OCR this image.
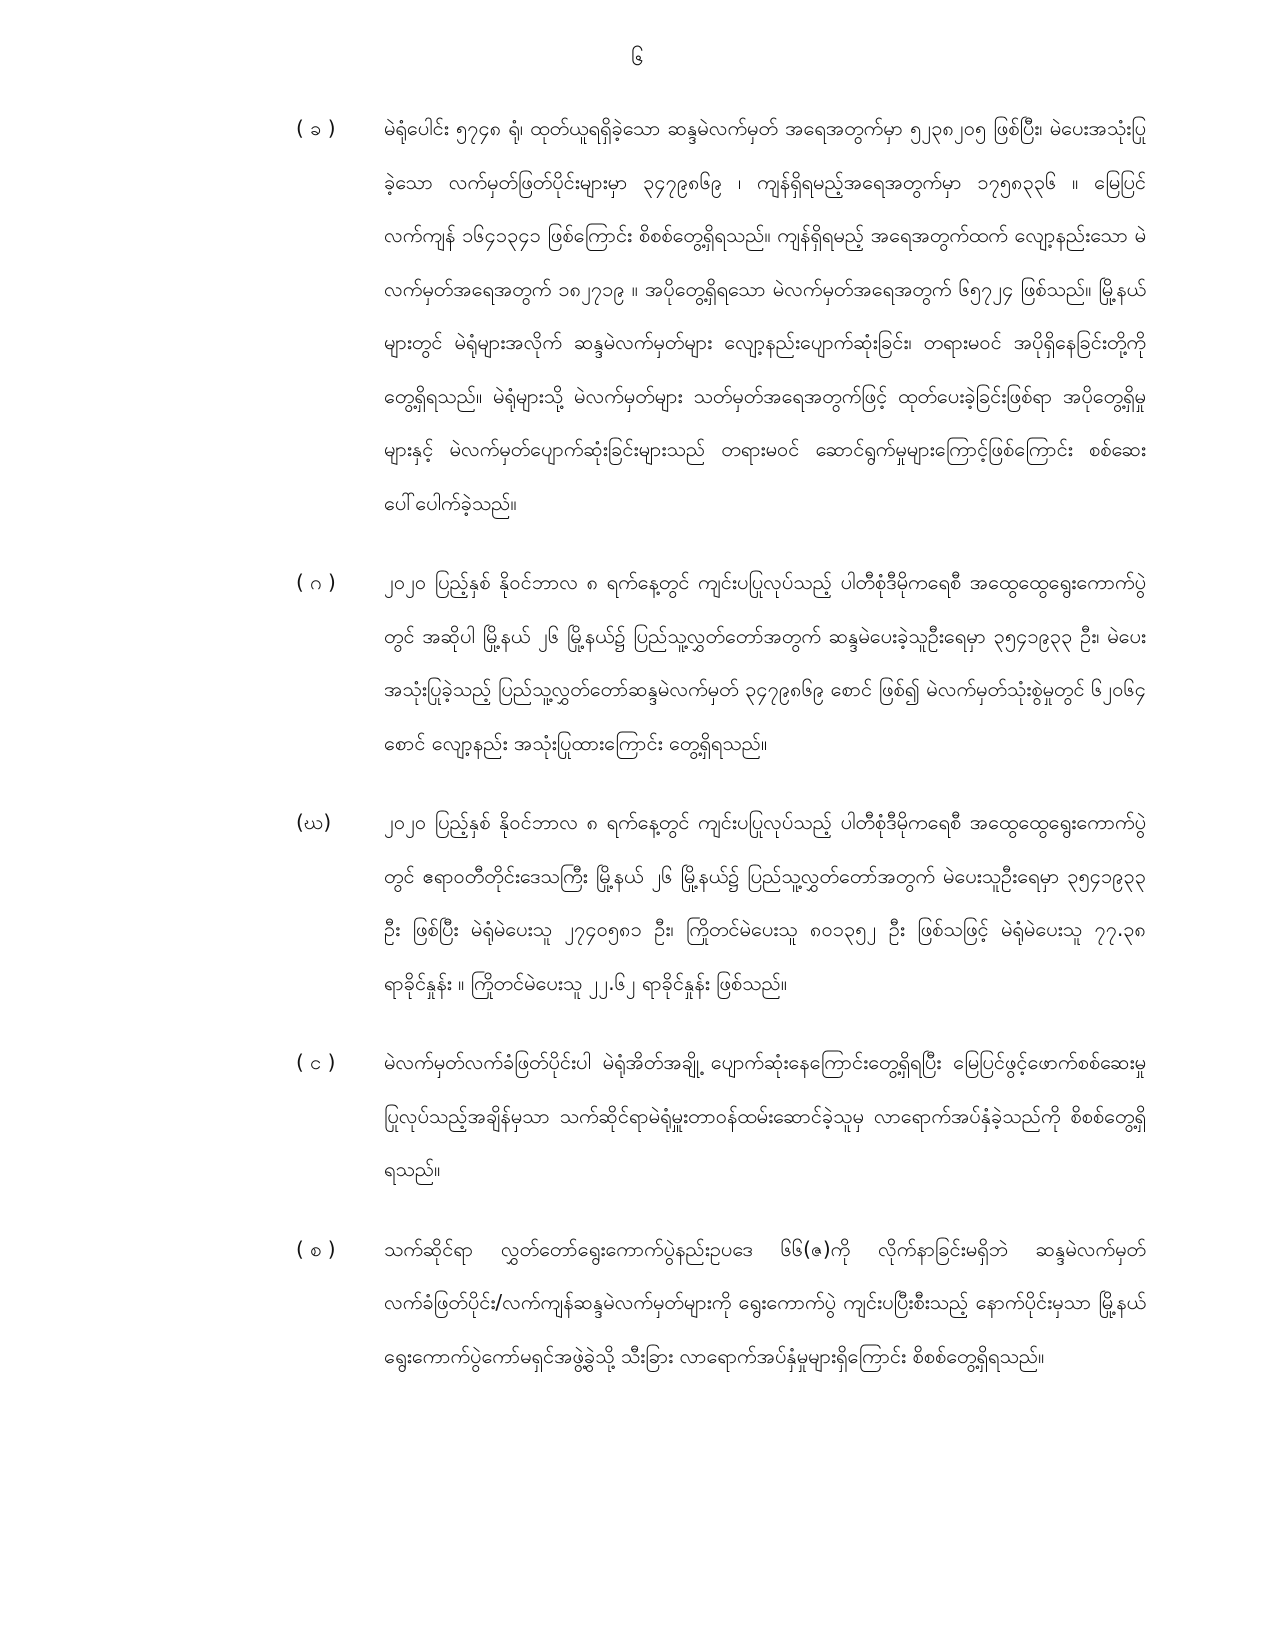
၆
( ခ )	မဲရုံပေါင်း ၅၇၄၈ ရုံ၊ ထုတ်ယူရရှိခဲ့သော ဆန္ဒမဲလက်မှတ် အရေအတွက်မှာ ၅၂၃၈၂၀၅ ဖြစ်ပြီး၊ မဲပေးအသုံးပြုခဲ့သော လက်မှတ်ဖြတ်ပိုင်းများမှာ ၃၄၇၉၈၆၉ ၊ ကျန်ရှိရမည့်အရေအတွက်မှာ ၁၇၅၈၃၃၆ ။ မြေပြင်လက်ကျန် ၁၆၄၁၃၄၁ ဖြစ်ကြောင်း စိစစ်တွေ့ရှိရသည်။ ကျန်ရှိရမည့် အရေအတွက်ထက် လျော့နည်းသော မဲလက်မှတ်အရေအတွက် ၁၈၂၇၁၉ ။ အပိုတွေ့ရှိရသော မဲလက်မှတ်အရေအတွက် ၆၅၇၂၄ ဖြစ်သည်။ မြို့နယ်များတွင် မဲရုံများအလိုက် ဆန္ဒမဲလက်မှတ်များ လျော့နည်းပျောက်ဆုံးခြင်း၊ တရားမဝင် အပိုရှိနေခြင်းတို့ကို တွေ့ရှိရသည်။ မဲရုံများသို့ မဲလက်မှတ်များ သတ်မှတ်အရေအတွက်ဖြင့် ထုတ်ပေးခဲ့ခြင်းဖြစ်ရာ အပိုတွေ့ရှိမှုများနှင့် မဲလက်မှတ်ပျောက်ဆုံးခြင်းများသည် တရားမဝင် ဆောင်ရွက်မှုများကြောင့်ဖြစ်ကြောင်း စစ်ဆေးပေါ်ပေါက်ခဲ့သည်။
( ဂ )	၂၀၂၀ ပြည့်နှစ် နိုဝင်ဘာလ ၈ ရက်နေ့တွင် ကျင်းပပြုလုပ်သည့် ပါတီစုံဒီမိုကရေစီ အထွေထွေရွေးကောက်ပွဲတွင် အဆိုပါ မြို့နယ် ၂၆ မြို့နယ်၌ ပြည်သူ့လွှတ်တော်အတွက် ဆန္ဒမဲပေးခဲ့သူဦးရေမှာ ၃၅၄၁၉၃၃ ဦး၊ မဲပေးအသုံးပြုခဲ့သည့် ပြည်သူ့လွှတ်တော်ဆန္ဒမဲလက်မှတ် ၃၄၇၉၈၆၉ စောင် ဖြစ်၍ မဲလက်မှတ်သုံးစွဲမှုတွင် ၆၂၀၆၄ စောင် လျော့နည်း အသုံးပြုထားကြောင်း တွေ့ရှိရသည်။
(ဃ)	၂၀၂၀ ပြည့်နှစ် နိုဝင်ဘာလ ၈ ရက်နေ့တွင် ကျင်းပပြုလုပ်သည့် ပါတီစုံဒီမိုကရေစီ အထွေထွေရွေးကောက်ပွဲတွင် ဧရာဝတီတိုင်းဒေသကြီး မြို့နယ် ၂၆ မြို့နယ်၌ ပြည်သူ့လွှတ်တော်အတွက် မဲပေးသူဦးရေမှာ ၃၅၄၁၉၃၃ ဦး ဖြစ်ပြီး မဲရုံမဲပေးသူ ၂၇၄၀၅၈၁ ဦး၊ ကြိုတင်မဲပေးသူ ၈၀၁၃၅၂ ဦး ဖြစ်သဖြင့် မဲရုံမဲပေးသူ ၇၇.၃၈ ရာခိုင်နှုန်း ။ ကြိုတင်မဲပေးသူ ၂၂.၆၂ ရာခိုင်နှုန်း ဖြစ်သည်။
( င )	မဲလက်မှတ်လက်ခံဖြတ်ပိုင်းပါ မဲရုံအိတ်အချို့ ပျောက်ဆုံးနေကြောင်းတွေ့ရှိရပြီး မြေပြင်ဖွင့်ဖောက်စစ်ဆေးမှု ပြုလုပ်သည့်အချိန်မှသာ သက်ဆိုင်ရာမဲရုံမှူးတာဝန်ထမ်းဆောင်ခဲ့သူမှ လာရောက်အပ်နှံခဲ့သည်ကို စိစစ်တွေ့ရှိရသည်။
( စ )	သက်ဆိုင်ရာ လွှတ်တော်ရွေးကောက်ပွဲနည်းဥပဒေ ၆၆(ဇ)ကို လိုက်နာခြင်းမရှိဘဲ ဆန္ဒမဲလက်မှတ် လက်ခံဖြတ်ပိုင်း/လက်ကျန်ဆန္ဒမဲလက်မှတ်များကို ရွေးကောက်ပွဲ ကျင်းပပြီးစီးသည့် နောက်ပိုင်းမှသာ မြို့နယ်ရွေးကောက်ပွဲကော်မရှင်အဖွဲ့ခွဲသို့ သီးခြား လာရောက်အပ်နှံမှုများရှိကြောင်း စိစစ်တွေ့ရှိရသည်။
